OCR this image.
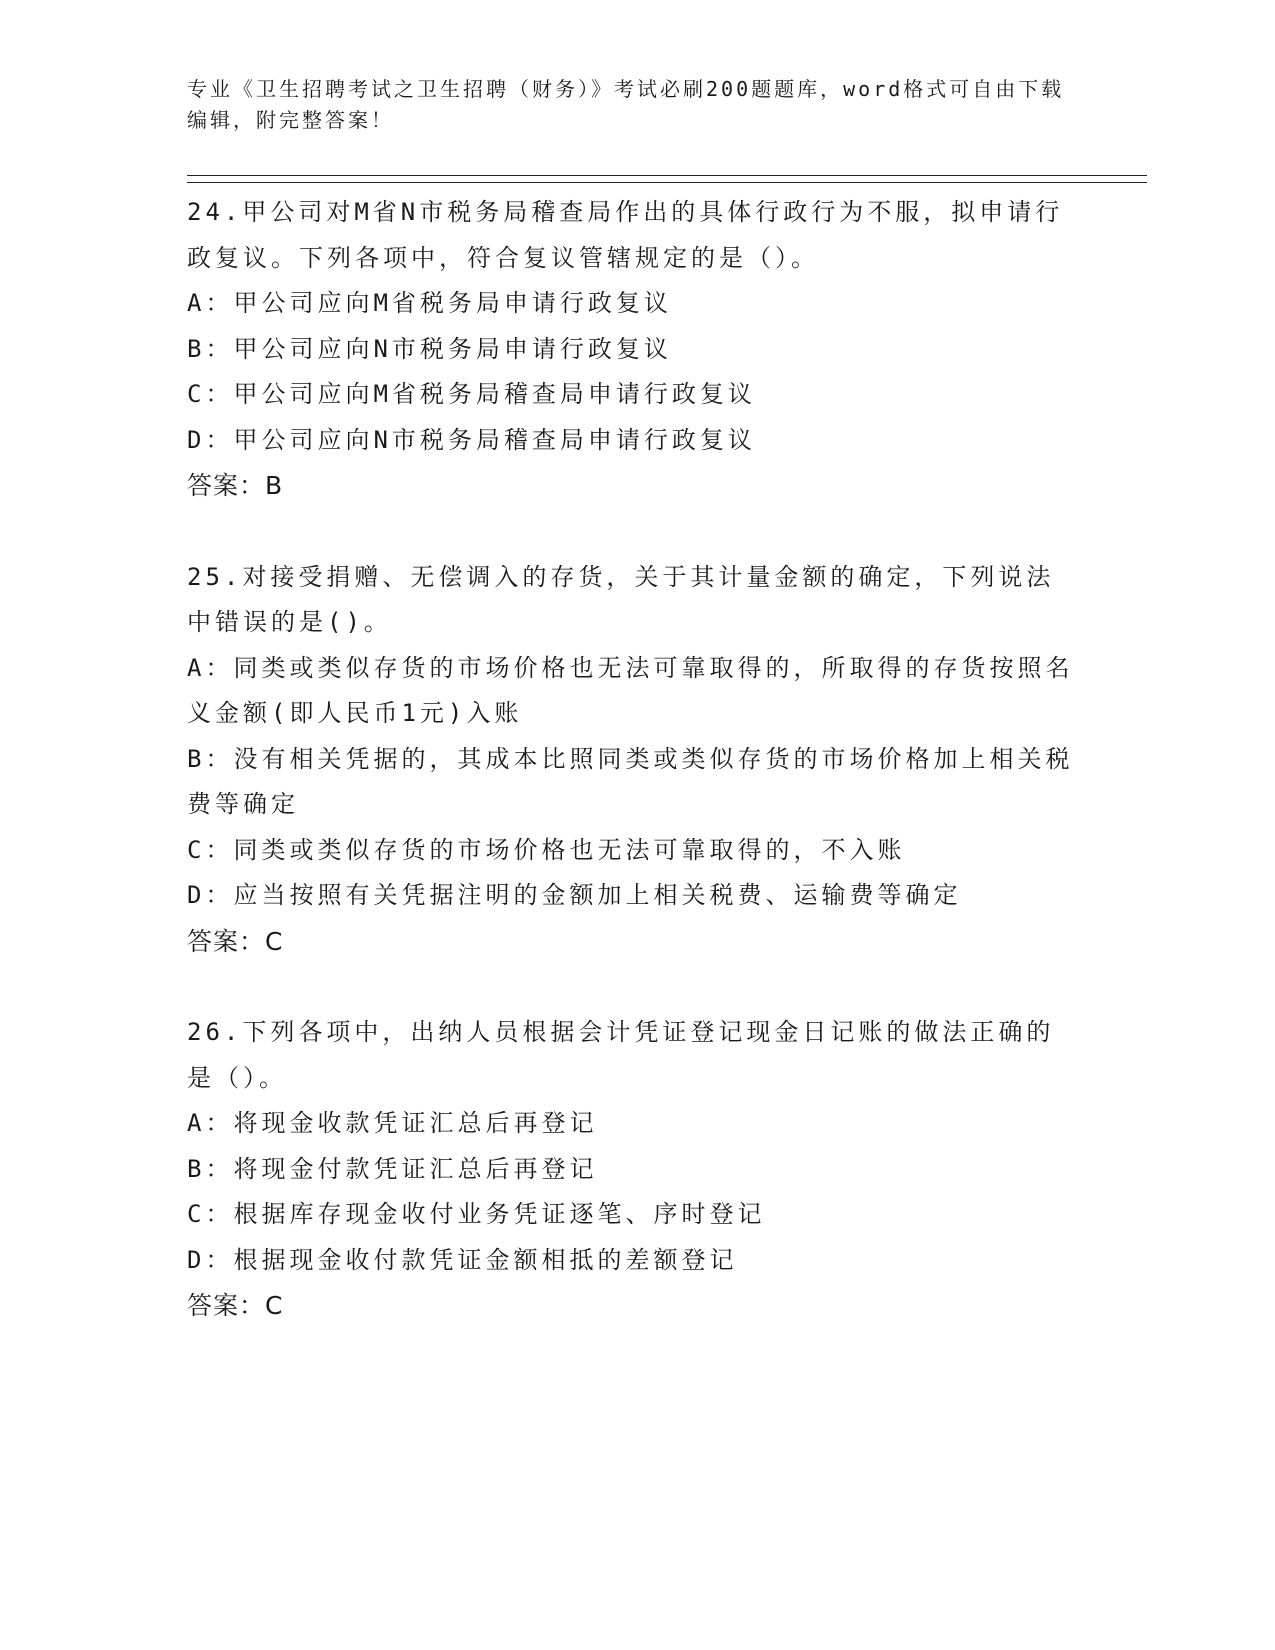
专业《卫生招聘考试之卫生招聘（财务）》考试必刷200题题库，word格式可自由下载编辑，附完整答案！
24.甲公司对M省N市税务局稽查局作出的具体行政行为不服，拟申请行政复议。下列各项中，符合复议管辖规定的是（）。
A：甲公司应向M省税务局申请行政复议
B：甲公司应向N市税务局申请行政复议
C：甲公司应向M省税务局稽查局申请行政复议
D：甲公司应向N市税务局稽查局申请行政复议
答案：B
25.对接受捐赠、无偿调入的存货，关于其计量金额的确定，下列说法中错误的是()。
A：同类或类似存货的市场价格也无法可靠取得的，所取得的存货按照名义金额(即人民币1元)入账
B：没有相关凭据的，其成本比照同类或类似存货的市场价格加上相关税费等确定
C：同类或类似存货的市场价格也无法可靠取得的，不入账
D：应当按照有关凭据注明的金额加上相关税费、运输费等确定
答案：C
26.下列各项中，出纳人员根据会计凭证登记现金日记账的做法正确的是（）。
A：将现金收款凭证汇总后再登记
B：将现金付款凭证汇总后再登记
C：根据库存现金收付业务凭证逐笔、序时登记
D：根据现金收付款凭证金额相抵的差额登记
答案：C
